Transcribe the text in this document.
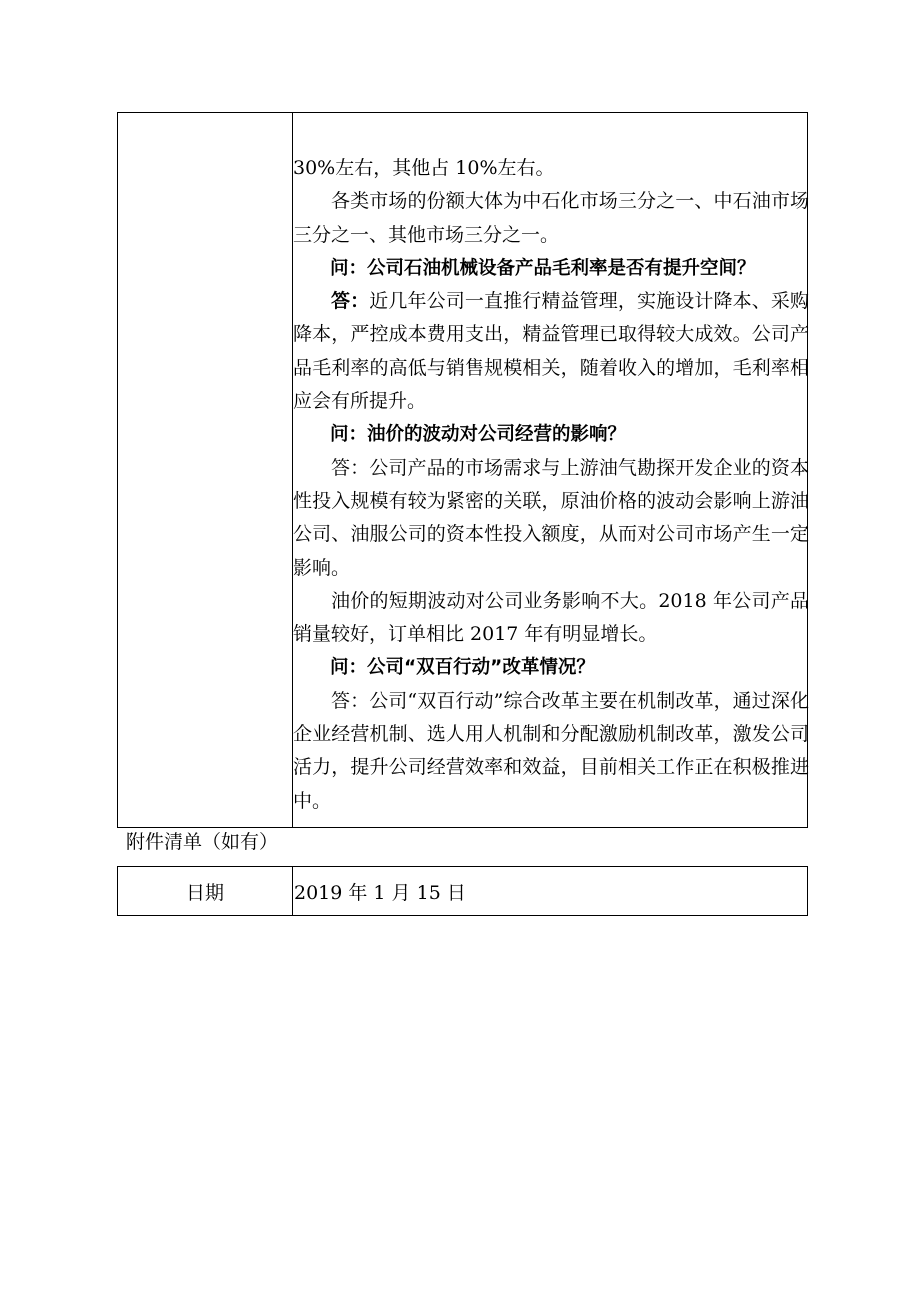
30%左右，其他占 10%左右。

各类市场的份额大体为中石化市场三分之一、中石油市场三分之一、其他市场三分之一。

问：公司石油机械设备产品毛利率是否有提升空间？

答：近几年公司一直推行精益管理，实施设计降本、采购降本，严控成本费用支出，精益管理已取得较大成效。公司产品毛利率的高低与销售规模相关，随着收入的增加，毛利率相应会有所提升。

问：油价的波动对公司经营的影响？

答：公司产品的市场需求与上游油气勘探开发企业的资本性投入规模有较为紧密的关联，原油价格的波动会影响上游油公司、油服公司的资本性投入额度，从而对公司市场产生一定影响。

油价的短期波动对公司业务影响不大。2018 年公司产品销量较好，订单相比 2017 年有明显增长。

问：公司“双百行动”改革情况？

答：公司“双百行动”综合改革主要在机制改革，通过深化企业经营机制、选人用人机制和分配激励机制改革，激发公司活力，提升公司经营效率和效益，目前相关工作正在积极推进中。

附件清单（如有）
日期	2019 年 1 月 15 日
